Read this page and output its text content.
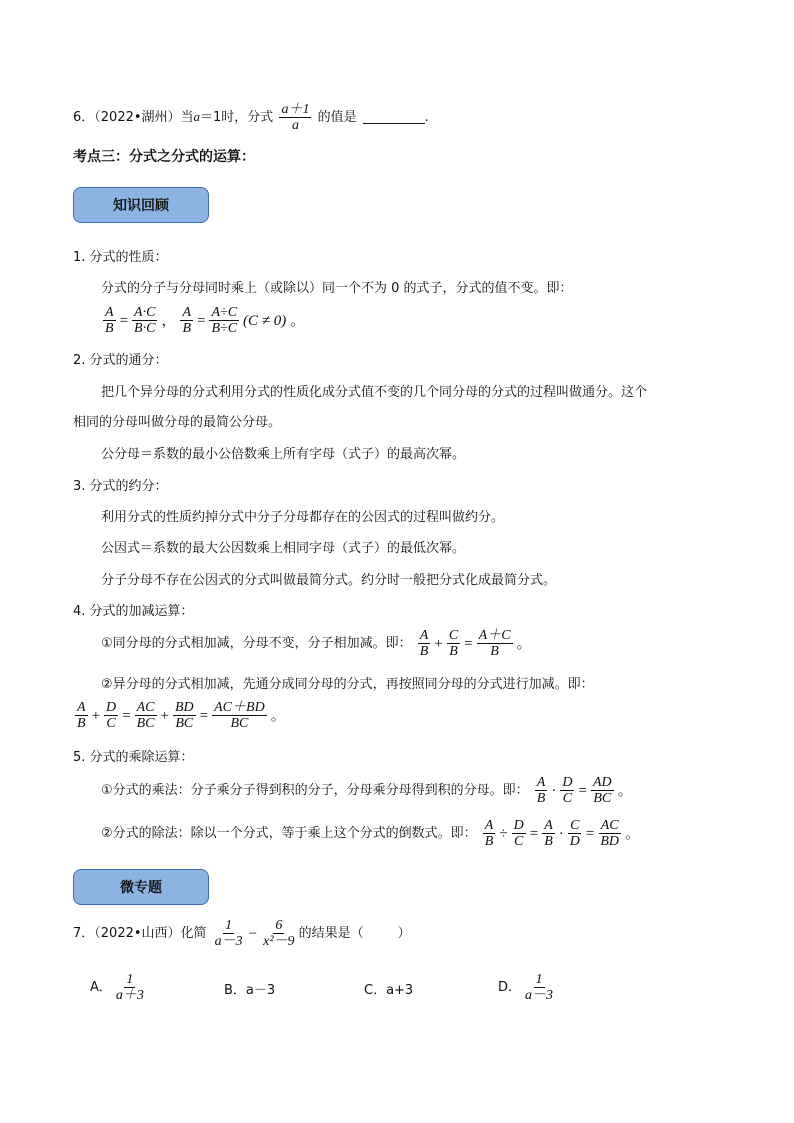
6．（2022•湖州）当a＝1时，分式 $\frac{a+1}{a}$ 的值是	.
考点三：分式之分式的运算：
知识回顾
1. 分式的性质：
分式的分子与分母同时乘上（或除以）同一个不为 0 的式子，分式的值不变。即：
$\frac{A}{B} = \frac{A\cdot C}{B\cdot C}$ ， $\frac{A}{B} = \frac{A\div C}{B\div C} (C \ne 0)$ 。
2. 分式的通分：
把几个异分母的分式利用分式的性质化成分式值不变的几个同分母的分式的过程叫做通分。这个
相同的分母叫做分母的最简公分母。
公分母＝系数的最小公倍数乘上所有字母（式子）的最高次幂。
3. 分式的约分：
利用分式的性质约掉分式中分子分母都存在的公因式的过程叫做约分。
公因式＝系数的最大公因数乘上相同字母（式子）的最低次幂。
分子分母不存在公因式的分式叫做最简分式。约分时一般把分式化成最简分式。
4. 分式的加减运算：
①同分母的分式相加减，分母不变，分子相加减。即： $\frac{A}{B} + \frac{C}{B} = \frac{A+C}{B}$ 。
②异分母的分式相加减，先通分成同分母的分式，再按照同分母的分式进行加减。即：
$\frac{A}{B} + \frac{D}{C} = \frac{AC}{BC} + \frac{BD}{BC} = \frac{AC+BD}{BC}$ 。
5. 分式的乘除运算：
①分式的乘法：分子乘分子得到积的分子，分母乘分母得到积的分母。即： $\frac{A}{B} \cdot \frac{D}{C} = \frac{AD}{BC}$ 。
②分式的除法：除以一个分式，等于乘上这个分式的倒数式。即： $\frac{A}{B} \div \frac{D}{C} = \frac{A}{B} \cdot \frac{C}{D} = \frac{AC}{BD}$ 。
微专题
7．（2022•山西）化简 $\frac{1}{a-3} - \frac{6}{\text{x²－9}}$ 的结果是（	）
A． $\frac{1}{a+3}$	B．a－3	C．a+3	D． $\frac{1}{a-3}$
